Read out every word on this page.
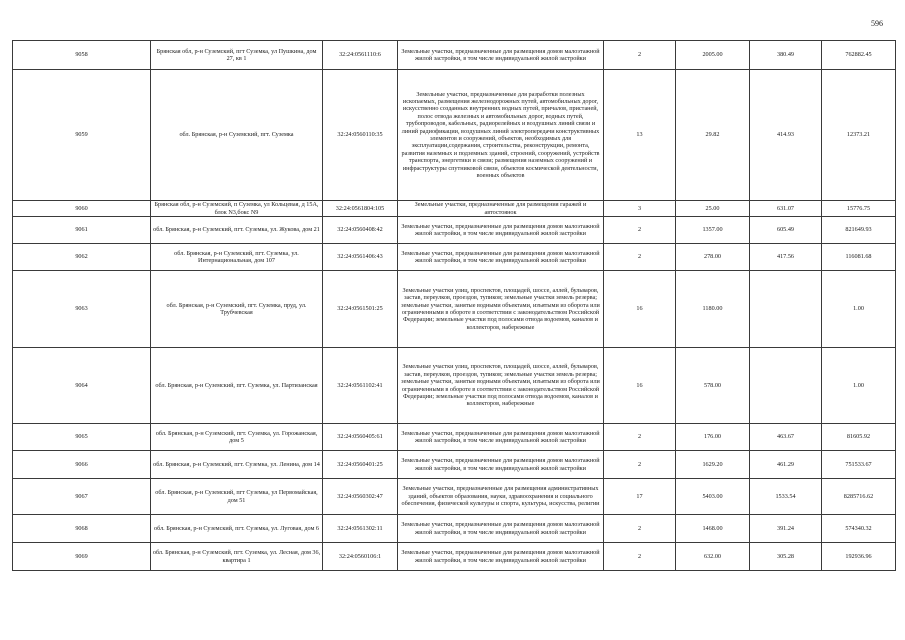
596
9058	Брянская обл, р-н Суземский, пгт Суземка, ул Пушкина, дом 27, кв 1	32:24:0561110:6	Земельные участки, предназначенные для размещения домов малоэтажной жилой застройки, в том числе индивидуальной жилой застройки	2	2005.00	380.49	762882.45
9059	обл. Брянская, р-н Суземский, пгт. Суземка	32:24:0560110:35	Земельные участки, предназначенные для разработки полезных ископаемых, размещения железнодорожных путей, автомобильных дорог, искусственно созданных внутренних водных путей, причалов, пристаней, полос отвода железных и автомобильных дорог, водных путей, трубопроводов, кабельных, радиорелейных и воздушных линий связи и линий радиофикации, воздушных линий электропередачи конструктивных элементов и сооружений, объектов, необходимых для эксплуатации,содержания, строительства, реконструкции, ремонта, развития наземных и подземных зданий, строений, сооружений, устройств транспорта, энергетики и связи; размещения наземных сооружений и инфраструктуры спутниковой связи, объектов космической деятельности, военных объектов	13	29.82	414.93	12373.21
9060	Брянская обл, р-н Суземский, п Суземка, ул Кольцевая, д 15А, блок N3,бокс N9	32:24:0561804:105	Земельные участки, предназначенные для размещения гаражей и автостоянок	3	25.00	631.07	15776.75
9061	обл. Брянская, р-н Суземский, пгт. Суземка, ул. Жукова, дом 21	32:24:0560408:42	Земельные участки, предназначенные для размещения домов малоэтажной жилой застройки, в том числе индивидуальной жилой застройки	2	1357.00	605.49	821649.93
9062	обл. Брянская, р-н Суземский, пгт. Суземка, ул. Интернациональная, дом 107	32:24:0561406:43	Земельные участки, предназначенные для размещения домов малоэтажной жилой застройки, в том числе индивидуальной жилой застройки	2	278.00	417.56	116081.68
9063	обл. Брянская, р-н Суземский, пгт. Суземка, пруд, ул. Трубчевская	32:24:0561501:25	Земельные участки улиц, проспектов, площадей, шоссе, аллей, бульваров, застав, переулков, проездов, тупиков; земельные участки земель резерва; земельные участки, занятые водными объектами, изъятыми из оборота или ограниченными в обороте в соответствии с законодательством Российской Федерации; земельные участки под полосами отвода водоемов, каналов и коллекторов, набережные	16	1180.00		1.00
9064	обл. Брянская, р-н Суземский, пгт. Суземка, ул. Партизанская	32:24:0561102:41	Земельные участки улиц, проспектов, площадей, шоссе, аллей, бульваров, застав, переулков, проездов, тупиков; земельные участки земель резерва; земельные участки, занятые водными объектами, изъятыми из оборота или ограниченными в обороте в соответствии с законодательством Российской Федерации; земельные участки под полосами отвода водоемов, каналов и коллекторов, набережные	16	578.00		1.00
9065	обл. Брянская, р-н Суземский, пгт. Суземка, ул. Горожанская, дом 5	32:24:0560405:61	Земельные участки, предназначенные для размещения домов малоэтажной жилой застройки, в том числе индивидуальной жилой застройки	2	176.00	463.67	81605.92
9066	обл. Брянская, р-н Суземский, пгт. Суземка, ул. Ленина, дом 14	32:24:0560401:25	Земельные участки, предназначенные для размещения домов малоэтажной жилой застройки, в том числе индивидуальной жилой застройки	2	1629.20	461.29	751533.67
9067	обл. Брянская, р-н Суземский, пгт Суземка, ул Первомайская, дом 51	32:24:0560302:47	Земельные участки, предназначенные для размещения административных зданий, объектов образования, науки, здравоохранения и социального обеспечения, физической культуры и спорта, культуры, искусства, религии	17	5403.00	1533.54	8285716.62
9068	обл. Брянская, р-н Суземский, пгт. Суземка, ул. Луговая, дом 6	32:24:0561302:11	Земельные участки, предназначенные для размещения домов малоэтажной жилой застройки, в том числе индивидуальной жилой застройки	2	1468.00	391.24	574340.32
9069	обл. Брянская, р-н Суземский, пгт. Суземка, ул. Лесная, дом 36, квартира 1	32:24:0560106:1	Земельные участки, предназначенные для размещения домов малоэтажной жилой застройки, в том числе индивидуальной жилой застройки	2	632.00	305.28	192936.96
